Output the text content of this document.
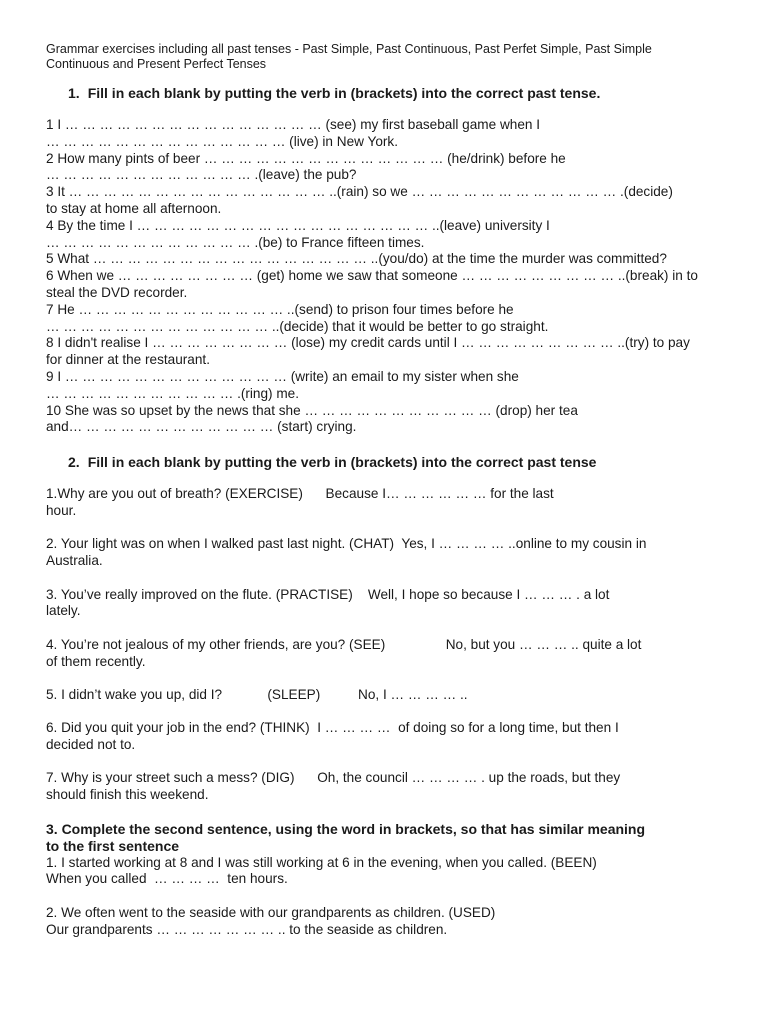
Grammar exercises including all past tenses - Past Simple, Past Continuous, Past Perfet Simple, Past Simple

Continuous and Present Perfect Tenses

1. Fill in each blank by putting the verb in (brackets) into the correct past tense.

1 I … … … … … … … … … … … … … … … (see) my first baseball game when I

… … … … … … … … … … … … … … (live) in New York.

2 How many pints of beer … … … … … … … … … … … … … … (he/drink) before he

… … … … … … … … … … … … .(leave) the pub?

3 It … … … … … … … … … … … … … … … ..(rain) so we … … … … … … … … … … … … .(decide)

to stay at home all afternoon.

4 By the time I … … … … … … … … … … … … … … … … … ..(leave) university I

… … … … … … … … … … … … .(be) to France fifteen times.

5 What … … … … … … … … … … … … … … … … ..(you/do) at the time the murder was committed?

6 When we … … … … … … … … (get) home we saw that someone … … … … … … … … … ..(break) in to

steal the DVD recorder.

7 He … … … … … … … … … … … … ..(send) to prison four times before he

… … … … … … … … … … … … … ..(decide) that it would be better to go straight.

8 I didn't realise I … … … … … … … … (lose) my credit cards until I … … … … … … … … … ..(try) to pay

for dinner at the restaurant.

9 I … … … … … … … … … … … … … (write) an email to my sister when she

… … … … … … … … … … … .(ring) me.

10 She was so upset by the news that she … … … … … … … … … … … (drop) her tea

and… … … … … … … … … … … … (start) crying.

2. Fill in each blank by putting the verb in (brackets) into the correct past tense

1.Why are you out of breath? (EXERCISE)      Because I… … … … … … for the last

hour.

2. Your light was on when I walked past last night. (CHAT)  Yes, I … … … … ..online to my cousin in

Australia.

3. You’ve really improved on the flute. (PRACTISE)    Well, I hope so because I … … … . a lot

lately.

4. You’re not jealous of my other friends, are you? (SEE)                No, but you … … … .. quite a lot

of them recently.

5. I didn’t wake you up, did I?            (SLEEP)          No, I … … … … ..

6. Did you quit your job in the end? (THINK)  I … … … …  of doing so for a long time, but then I

decided not to.

7. Why is your street such a mess? (DIG)      Oh, the council … … … … . up the roads, but they

should finish this weekend.

3. Complete the second sentence, using the word in brackets, so that has similar meaning

to the first sentence

1. I started working at 8 and I was still working at 6 in the evening, when you called. (BEEN)

When you called  … … … …  ten hours.

2. We often went to the seaside with our grandparents as children. (USED)

Our grandparents … … … … … … … .. to the seaside as children.
